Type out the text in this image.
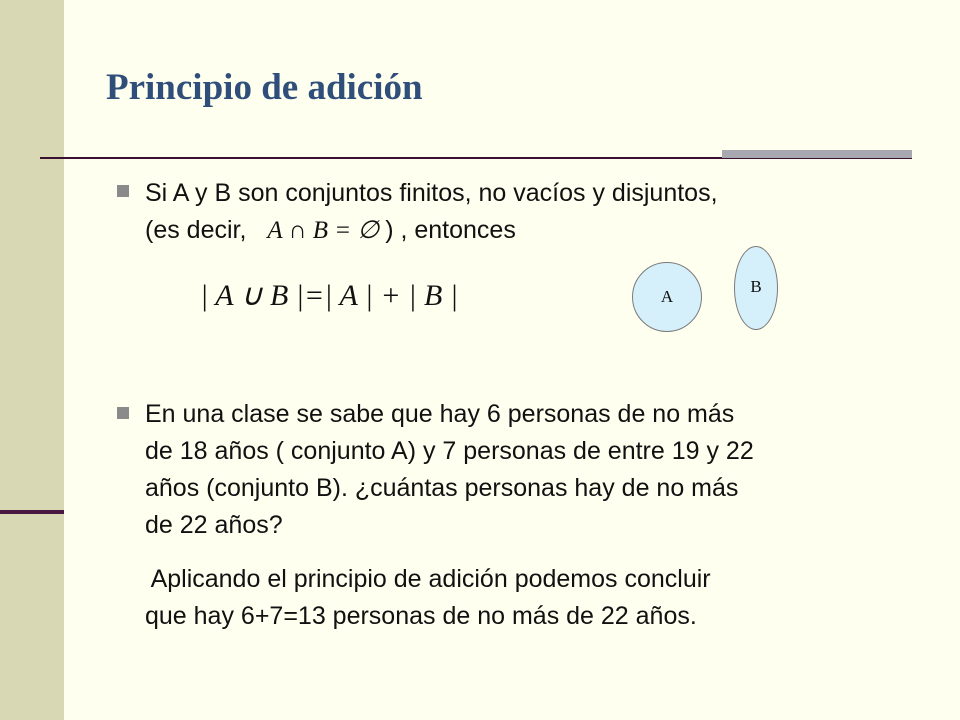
Principio de adición

Si A y B son conjuntos finitos, no vacíos y disjuntos,

(es decir, A ∩ B = ∅ ) , entonces

| A ∪ B |=| A | + | B |	A
B

En una clase se sabe que hay 6 personas de no más

de 18 años ( conjunto A) y 7 personas de entre 19 y 22

años (conjunto B). ¿cuántas personas hay de no más

de 22 años?

Aplicando el principio de adición podemos concluir

que hay 6+7=13 personas de no más de 22 años.
